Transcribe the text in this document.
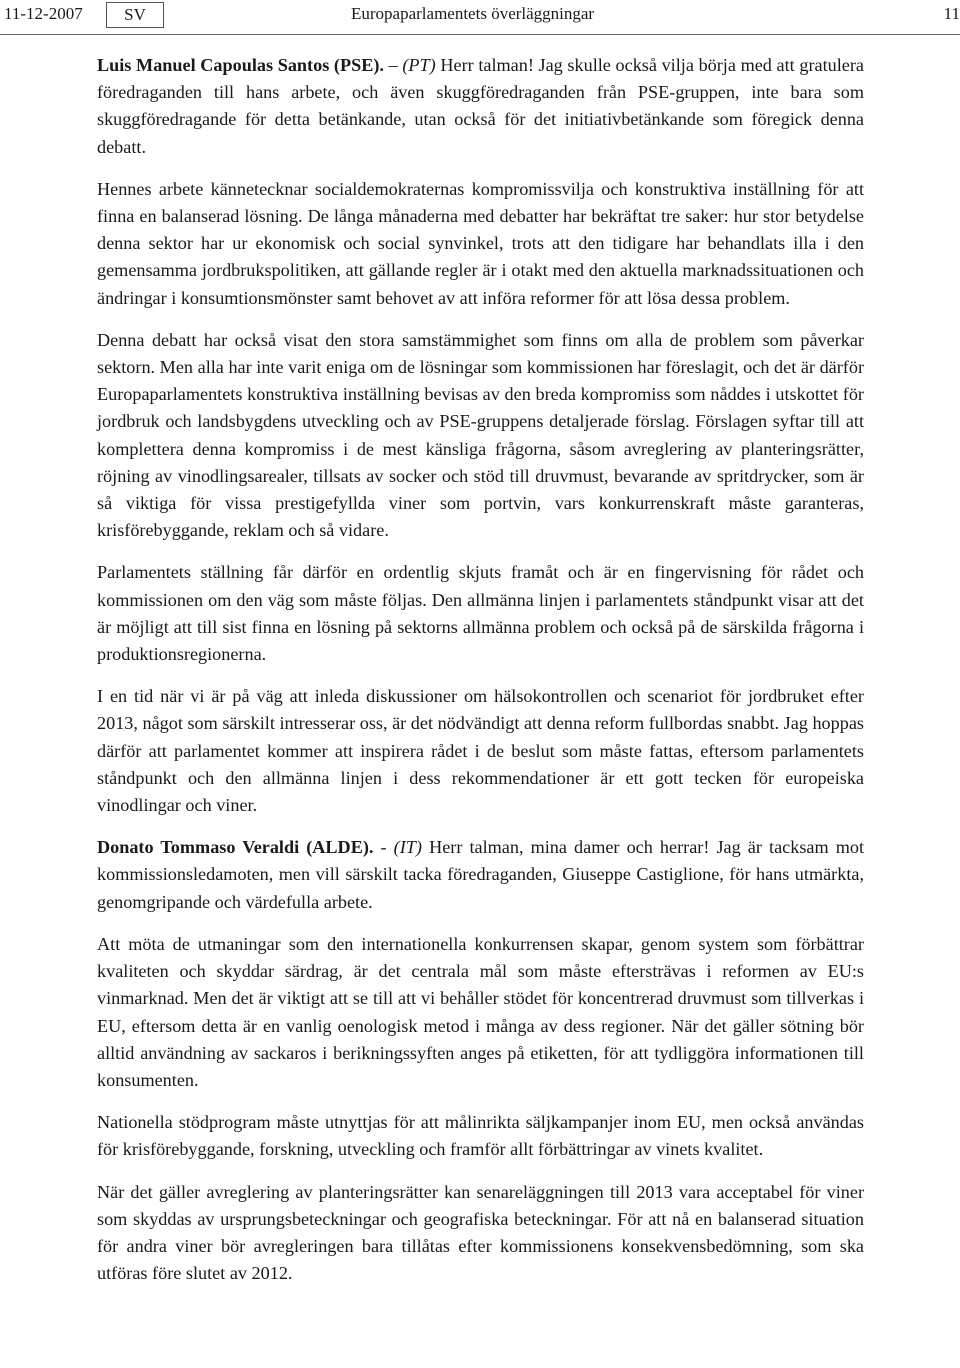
11-12-2007	SV	Europaparlamentets överläggningar	11

Luis Manuel Capoulas Santos (PSE). – (PT) Herr talman! Jag skulle också vilja börja med att gratulera föredraganden till hans arbete, och även skuggföredraganden från PSE-gruppen, inte bara som skuggföredragande för detta betänkande, utan också för det initiativbetänkande som föregick denna debatt.

Hennes arbete kännetecknar socialdemokraternas kompromissvilja och konstruktiva inställning för att finna en balanserad lösning. De långa månaderna med debatter har bekräftat tre saker: hur stor betydelse denna sektor har ur ekonomisk och social synvinkel, trots att den tidigare har behandlats illa i den gemensamma jordbrukspolitiken, att gällande regler är i otakt med den aktuella marknadssituationen och ändringar i konsumtionsmönster samt behovet av att införa reformer för att lösa dessa problem.

Denna debatt har också visat den stora samstämmighet som finns om alla de problem som påverkar sektorn. Men alla har inte varit eniga om de lösningar som kommissionen har föreslagit, och det är därför Europaparlamentets konstruktiva inställning bevisas av den breda kompromiss som nåddes i utskottet för jordbruk och landsbygdens utveckling och av PSE-gruppens detaljerade förslag. Förslagen syftar till att komplettera denna kompromiss i de mest känsliga frågorna, såsom avreglering av planteringsrätter, röjning av vinodlingsarealer, tillsats av socker och stöd till druvmust, bevarande av spritdrycker, som är så viktiga för vissa prestigefyllda viner som portvin, vars konkurrenskraft måste garanteras, krisförebyggande, reklam och så vidare.

Parlamentets ställning får därför en ordentlig skjuts framåt och är en fingervisning för rådet och kommissionen om den väg som måste följas. Den allmänna linjen i parlamentets ståndpunkt visar att det är möjligt att till sist finna en lösning på sektorns allmänna problem och också på de särskilda frågorna i produktionsregionerna.

I en tid när vi är på väg att inleda diskussioner om hälsokontrollen och scenariot för jordbruket efter 2013, något som särskilt intresserar oss, är det nödvändigt att denna reform fullbordas snabbt. Jag hoppas därför att parlamentet kommer att inspirera rådet i de beslut som måste fattas, eftersom parlamentets ståndpunkt och den allmänna linjen i dess rekommendationer är ett gott tecken för europeiska vinodlingar och viner.

Donato Tommaso Veraldi (ALDE). - (IT) Herr talman, mina damer och herrar! Jag är tacksam mot kommissionsledamoten, men vill särskilt tacka föredraganden, Giuseppe Castiglione, för hans utmärkta, genomgripande och värdefulla arbete.

Att möta de utmaningar som den internationella konkurrensen skapar, genom system som förbättrar kvaliteten och skyddar särdrag, är det centrala mål som måste eftersträvas i reformen av EU:s vinmarknad. Men det är viktigt att se till att vi behåller stödet för koncentrerad druvmust som tillverkas i EU, eftersom detta är en vanlig oenologisk metod i många av dess regioner. När det gäller sötning bör alltid användning av sackaros i berikningssyften anges på etiketten, för att tydliggöra informationen till konsumenten.

Nationella stödprogram måste utnyttjas för att målinrikta säljkampanjer inom EU, men också användas för krisförebyggande, forskning, utveckling och framför allt förbättringar av vinets kvalitet.

När det gäller avreglering av planteringsrätter kan senareläggningen till 2013 vara acceptabel för viner som skyddas av ursprungsbeteckningar och geografiska beteckningar. För att nå en balanserad situation för andra viner bör avregleringen bara tillåtas efter kommissionens konsekvensbedömning, som ska utföras före slutet av 2012.
